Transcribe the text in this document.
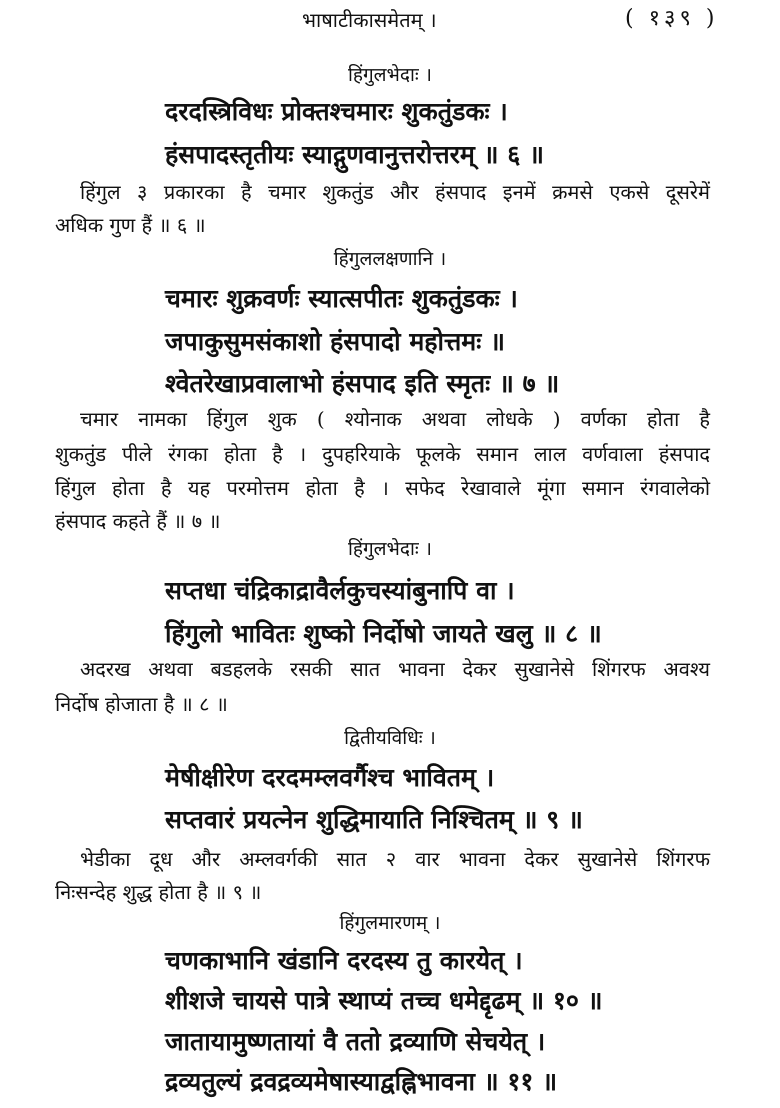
भाषाटीकासमेतम् ।	( १३९ )
हिंगुलभेदाः ।
दरदस्त्रिविधः प्रोक्तश्चमारः शुकतुंडकः ।
हंसपादस्तृतीयः स्याद्गुणवानुत्तरोत्तरम् ॥ ६ ॥
हिंगुल ३ प्रकारका है चमार शुकतुंड और हंसपाद इनमें क्रमसे एकसे दूसरेमें
अधिक गुण हैं ॥ ६ ॥
हिंगुललक्षणानि ।
चमारः शुक्रवर्णः स्यात्सपीतः शुकतुंडकः ।
जपाकुसुमसंकाशो हंसपादो महोत्तमः ॥
श्वेतरेखाप्रवालाभो हंसपाद इति स्मृतः ॥ ७ ॥
चमार नामका हिंगुल शुक ( श्योनाक अथवा लोधके ) वर्णका होता है
शुकतुंड पीले रंगका होता है । दुपहरियाके फूलके समान लाल वर्णवाला हंसपाद
हिंगुल होता है यह परमोत्तम होता है । सफेद रेखावाले मूंगा समान रंगवालेको
हंसपाद कहते हैं ॥ ७ ॥
हिंगुलभेदाः ।
सप्तधा चंद्रिकाद्रावैर्लकुचस्यांबुनापि वा ।
हिंगुलो भावितः शुष्को निर्दोषो जायते खलु ॥ ८ ॥
अदरख अथवा बडहलके रसकी सात भावना देकर सुखानेसे शिंगरफ अवश्य
निर्दोष होजाता है ॥ ८ ॥
द्वितीयविधिः ।
मेषीक्षीरेण दरदमम्लवर्गैश्च भावितम् ।
सप्तवारं प्रयत्नेन शुद्धिमायाति निश्चितम् ॥ ९ ॥
भेडीका दूध और अम्लवर्गकी सात २ वार भावना देकर सुखानेसे शिंगरफ
निःसन्देह शुद्ध होता है ॥ ९ ॥
हिंगुलमारणम् ।
चणकाभानि खंडानि दरदस्य तु कारयेत् ।
शीशजे चायसे पात्रे स्थाप्यं तच्च धमेद्दृढम् ॥ १० ॥
जातायामुष्णतायां वै ततो द्रव्याणि सेचयेत् ।
द्रव्यतुल्यं द्रवद्रव्यमेषास्याद्वह्निभावना ॥ ११ ॥
